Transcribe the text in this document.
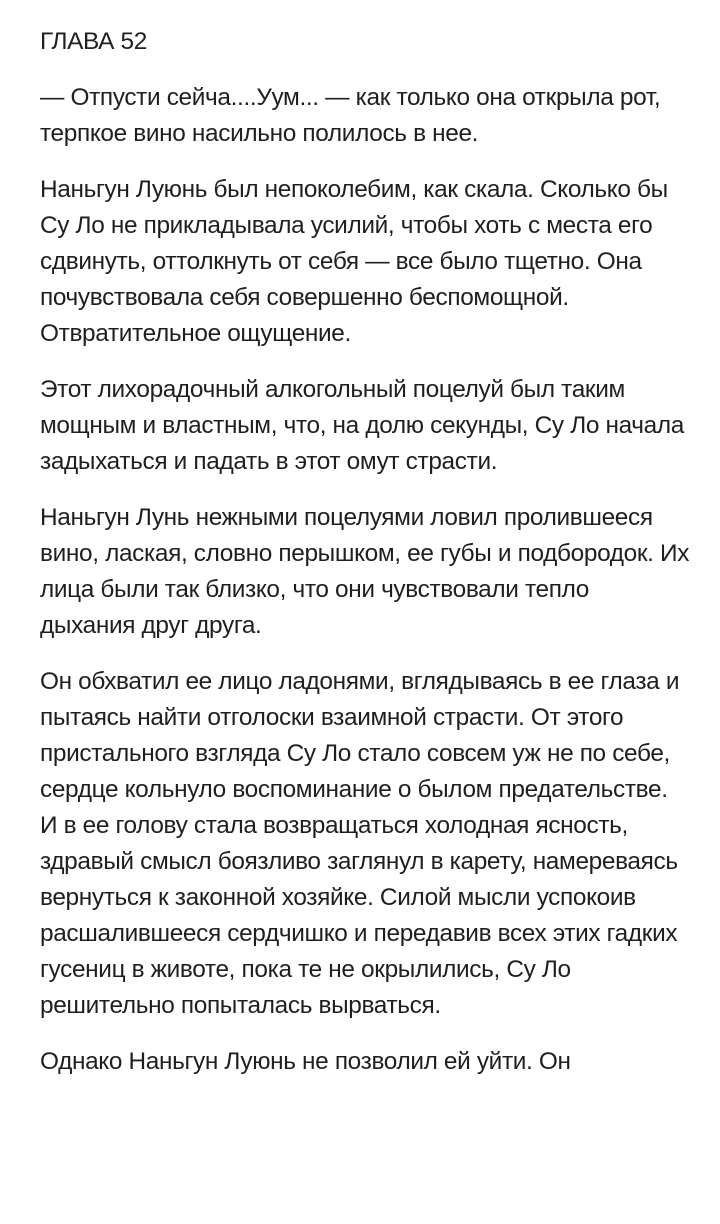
ГЛАВА 52

— Отпусти сейча....Уум... — как только она открыла рот, терпкое вино насильно полилось в нее.

Наньгун Луюнь был непоколебим, как скала. Сколько бы Су Ло не прикладывала усилий, чтобы хоть с места его сдвинуть, оттолкнуть от себя — все было тщетно. Она почувствовала себя совершенно беспомощной. Отвратительное ощущение.

Этот лихорадочный алкогольный поцелуй был таким мощным и властным, что, на долю секунды, Су Ло начала задыхаться и падать в этот омут страсти.

Наньгун Лунь нежными поцелуями ловил пролившееся вино, лаская, словно перышком, ее губы и подбородок. Их лица были так близко, что они чувствовали тепло дыхания друг друга.

Он обхватил ее лицо ладонями, вглядываясь в ее глаза и пытаясь найти отголоски взаимной страсти. От этого пристального взгляда Су Ло стало совсем уж не по себе, сердце кольнуло воспоминание о былом предательстве. И в ее голову стала возвращаться холодная ясность, здравый смысл боязливо заглянул в карету, намереваясь вернуться к законной хозяйке. Силой мысли успокоив расшалившееся сердчишко и передавив всех этих гадких гусениц в животе, пока те не окрылились, Су Ло решительно попыталась вырваться.

Однако Наньгун Луюнь не позволил ей уйти. Он
